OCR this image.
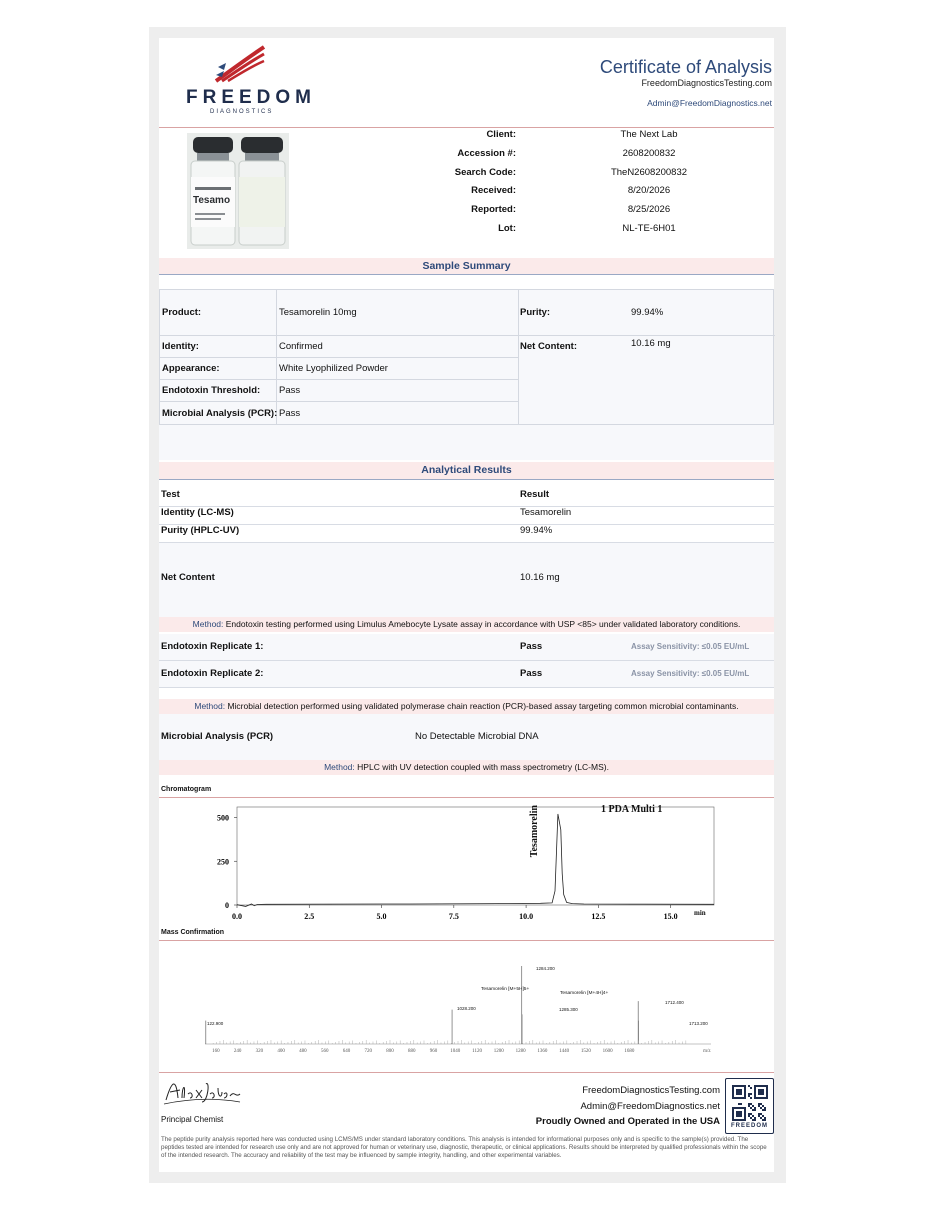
FREEDOM
DIAGNOSTICS
Certificate of Analysis
FreedomDiagnosticsTesting.com
Admin@FreedomDiagnostics.net
Tesamo
Client:	The Next Lab
Accession #:	2608200832
Search Code:	TheN2608200832
Received:	8/20/2026
Reported:	8/25/2026
Lot:	NL-TE-6H01
Sample Summary
Product:	Tesamorelin 10mg	Purity:	99.94%
Identity:	Confirmed	Net Content:	10.16 mg
Appearance:	White Lyophilized Powder
Endotoxin Threshold: Pass
Microbial Analysis (PCR): Pass
Analytical Results
Test	Result
Identity (LC-MS)	Tesamorelin
Purity (HPLC-UV)	99.94%
Net Content	10.16 mg
Method: Endotoxin testing performed using Limulus Amebocyte Lysate assay in accordance with USP <85> under validated laboratory conditions.
Endotoxin Replicate 1:	Pass	Assay Sensitivity: ≤0.05 EU/mL
Endotoxin Replicate 2:	Pass	Assay Sensitivity: ≤0.05 EU/mL
Method: Microbial detection performed using validated polymerase chain reaction (PCR)-based assay targeting common microbial contaminants.
Microbial Analysis (PCR)	No Detectable Microbial DNA
Method: HPLC with UV detection coupled with mass spectrometry (LC-MS).
Chromatogram
0.0	2.5	5.0	7.5	10.0	12.5	15.0
0
250
500
1 PDA Multi 1
min
Tesamorelin
Mass Confirmation
160	240	320	400	480	560	640	720	800	880	960	1040 1120 1200 1280 1360 1440 1520 1600 1680	m/z
122.900
1028.200
1284.200
1285.300
1712.400
1713.200
Tesamorelin [M+5H]5+
Tesamorelin [M+4H]4+
Principal Chemist
FreedomDiagnosticsTesting.com
Admin@FreedomDiagnostics.net
Proudly Owned and Operated in the USA	FREEDOM
The peptide purity analysis reported here was conducted using LCMS/MS under standard laboratory conditions. This analysis is intended for informational purposes only and is specific to the sample(s) provided. The peptides tested are intended for research use only and are not approved for human or veterinary use, diagnostic, therapeutic, or clinical applications. Results should be interpreted by qualified professionals within the scope of the intended research. The accuracy and reliability of the test may be influenced by sample integrity, handling, and other experimental variables.
